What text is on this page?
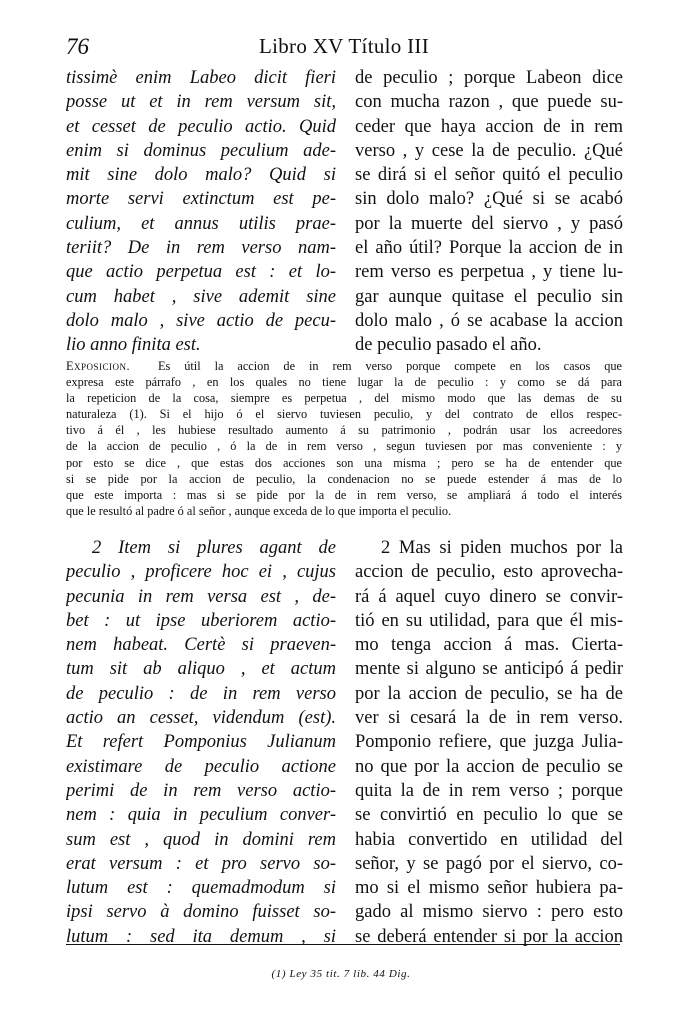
76	Libro XV Título III
tissimè enim Labeo dicit fieri
posse ut et in rem versum sit,
et cesset de peculio actio. Quid
enim si dominus peculium ade-
mit sine dolo malo? Quid si
morte servi extinctum est pe-
culium, et annus utilis prae-
teriit? De in rem verso nam-
que actio perpetua est : et lo-
cum habet , sive ademit sine
dolo malo , sive actio de pecu-
lio anno finita est.
de peculio ; porque Labeon dice
con mucha razon , que puede su-
ceder que haya accion de in rem
verso , y cese la de peculio. ¿Qué
se dirá si el señor quitó el peculio
sin dolo malo? ¿Qué si se acabó
por la muerte del siervo , y pasó
el año útil? Porque la accion de in
rem verso es perpetua , y tiene lu-
gar aunque quitase el peculio sin
dolo malo , ó se acabase la accion
de peculio pasado el año.
Exposicion. Es útil la accion de in rem verso porque compete en los casos que
expresa este párrafo , en los quales no tiene lugar la de peculio : y como se dá para
la repeticion de la cosa, siempre es perpetua , del mismo modo que las demas de su
naturaleza (1). Si el hijo ó el siervo tuviesen peculio, y del contrato de ellos respec-
tivo á él , les hubiese resultado aumento á su patrimonio , podrán usar los acreedores
de la accion de peculio , ó la de in rem verso , segun tuviesen por mas conveniente : y
por esto se dice , que estas dos acciones son una misma ; pero se ha de entender que
si se pide por la accion de peculio, la condenacion no se puede estender á mas de lo
que este importa : mas si se pide por la de in rem verso, se ampliará á todo el interés
que le resultó al padre ó al señor , aunque exceda de lo que importa el peculio.
2 Item si plures agant de
peculio , proficere hoc ei , cujus
pecunia in rem versa est , de-
bet : ut ipse uberiorem actio-
nem habeat. Certè si praeven-
tum sit ab aliquo , et actum
de peculio : de in rem verso
actio an cesset, videndum (est).
Et refert Pomponius Julianum
existimare de peculio actione
perimi de in rem verso actio-
nem : quia in peculium conver-
sum est , quod in domini rem
erat versum : et pro servo so-
lutum est : quemadmodum si
ipsi servo à domino fuisset so-
lutum : sed ita demum , si
2 Mas si piden muchos por la
accion de peculio, esto aprovecha-
rá á aquel cuyo dinero se convir-
tió en su utilidad, para que él mis-
mo tenga accion á mas. Cierta-
mente si alguno se anticipó á pedir
por la accion de peculio, se ha de
ver si cesará la de in rem verso.
Pomponio refiere, que juzga Julia-
no que por la accion de peculio se
quita la de in rem verso ; porque
se convirtió en peculio lo que se
habia convertido en utilidad del
señor, y se pagó por el siervo, co-
mo si el mismo señor hubiera pa-
gado al mismo siervo : pero esto
se deberá entender si por la accion
(1) Ley 35 tit. 7 lib. 44 Dig.
